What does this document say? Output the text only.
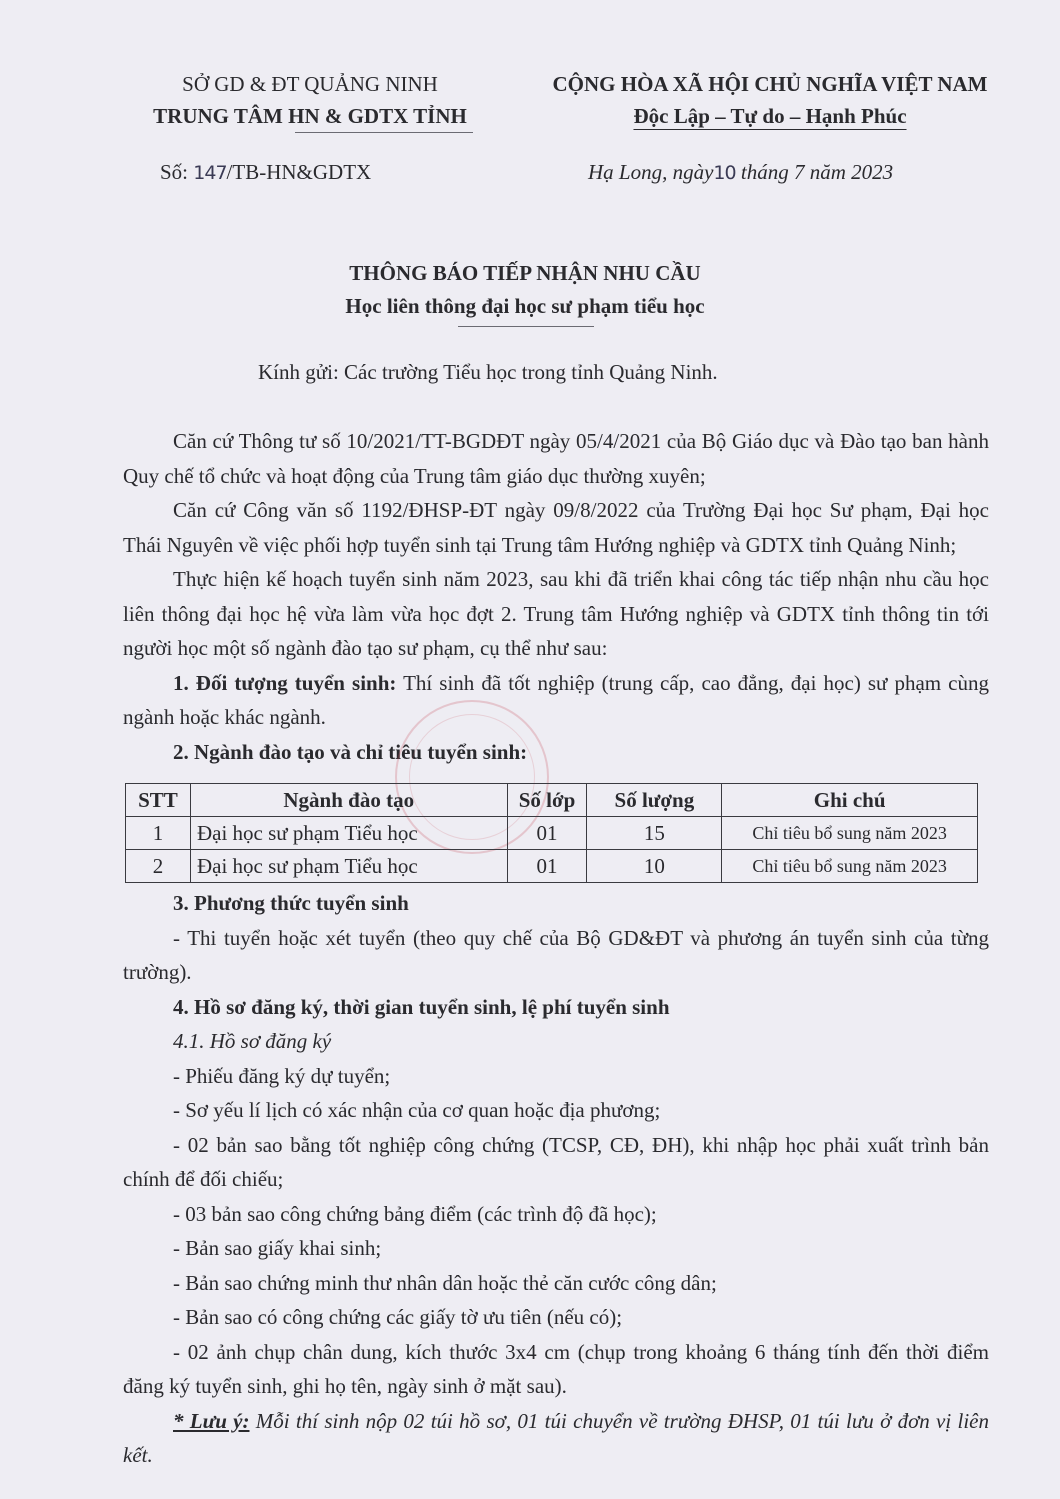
SỞ GD & ĐT QUẢNG NINH
TRUNG TÂM HN & GDTX TỈNH
CỘNG HÒA XÃ HỘI CHỦ NGHĨA VIỆT NAM
Độc Lập – Tự do – Hạnh Phúc
Số: 147/TB-HN&GDTX	Hạ Long, ngày10 tháng 7 năm 2023
THÔNG BÁO TIẾP NHẬN NHU CẦU
Học liên thông đại học sư phạm tiểu học
Kính gửi: Các trường Tiểu học trong tỉnh Quảng Ninh.

Căn cứ Thông tư số 10/2021/TT-BGDĐT ngày 05/4/2021 của Bộ Giáo dục và Đào tạo ban hành Quy chế tổ chức và hoạt động của Trung tâm giáo dục thường xuyên;

Căn cứ Công văn số 1192/ĐHSP-ĐT ngày 09/8/2022 của Trường Đại học Sư phạm, Đại học Thái Nguyên về việc phối hợp tuyển sinh tại Trung tâm Hướng nghiệp và GDTX tỉnh Quảng Ninh;

Thực hiện kế hoạch tuyển sinh năm 2023, sau khi đã triển khai công tác tiếp nhận nhu cầu học liên thông đại học hệ vừa làm vừa học đợt 2. Trung tâm Hướng nghiệp và GDTX tỉnh thông tin tới người học một số ngành đào tạo sư phạm, cụ thể như sau:

1. Đối tượng tuyển sinh: Thí sinh đã tốt nghiệp (trung cấp, cao đẳng, đại học) sư phạm cùng ngành hoặc khác ngành.

2. Ngành đào tạo và chỉ tiêu tuyển sinh:

STT	Ngành đào tạo	Số lớp	Số lượng	Ghi chú
1	Đại học sư phạm Tiểu học	01	15	Chỉ tiêu bổ sung năm 2023
2	Đại học sư phạm Tiểu học	01	10	Chỉ tiêu bổ sung năm 2023

3. Phương thức tuyển sinh

- Thi tuyển hoặc xét tuyển (theo quy chế của Bộ GD&ĐT và phương án tuyển sinh của từng trường).

4. Hồ sơ đăng ký, thời gian tuyển sinh, lệ phí tuyển sinh

4.1. Hồ sơ đăng ký

- Phiếu đăng ký dự tuyển;

- Sơ yếu lí lịch có xác nhận của cơ quan hoặc địa phương;

- 02 bản sao bằng tốt nghiệp công chứng (TCSP, CĐ, ĐH), khi nhập học phải xuất trình bản chính để đối chiếu;

- 03 bản sao công chứng bảng điểm (các trình độ đã học);

- Bản sao giấy khai sinh;

- Bản sao chứng minh thư nhân dân hoặc thẻ căn cước công dân;

- Bản sao có công chứng các giấy tờ ưu tiên (nếu có);

- 02 ảnh chụp chân dung, kích thước 3x4 cm (chụp trong khoảng 6 tháng tính đến thời điểm đăng ký tuyển sinh, ghi họ tên, ngày sinh ở mặt sau).

* Lưu ý: Mỗi thí sinh nộp 02 túi hồ sơ, 01 túi chuyển về trường ĐHSP, 01 túi lưu ở đơn vị liên kết.
